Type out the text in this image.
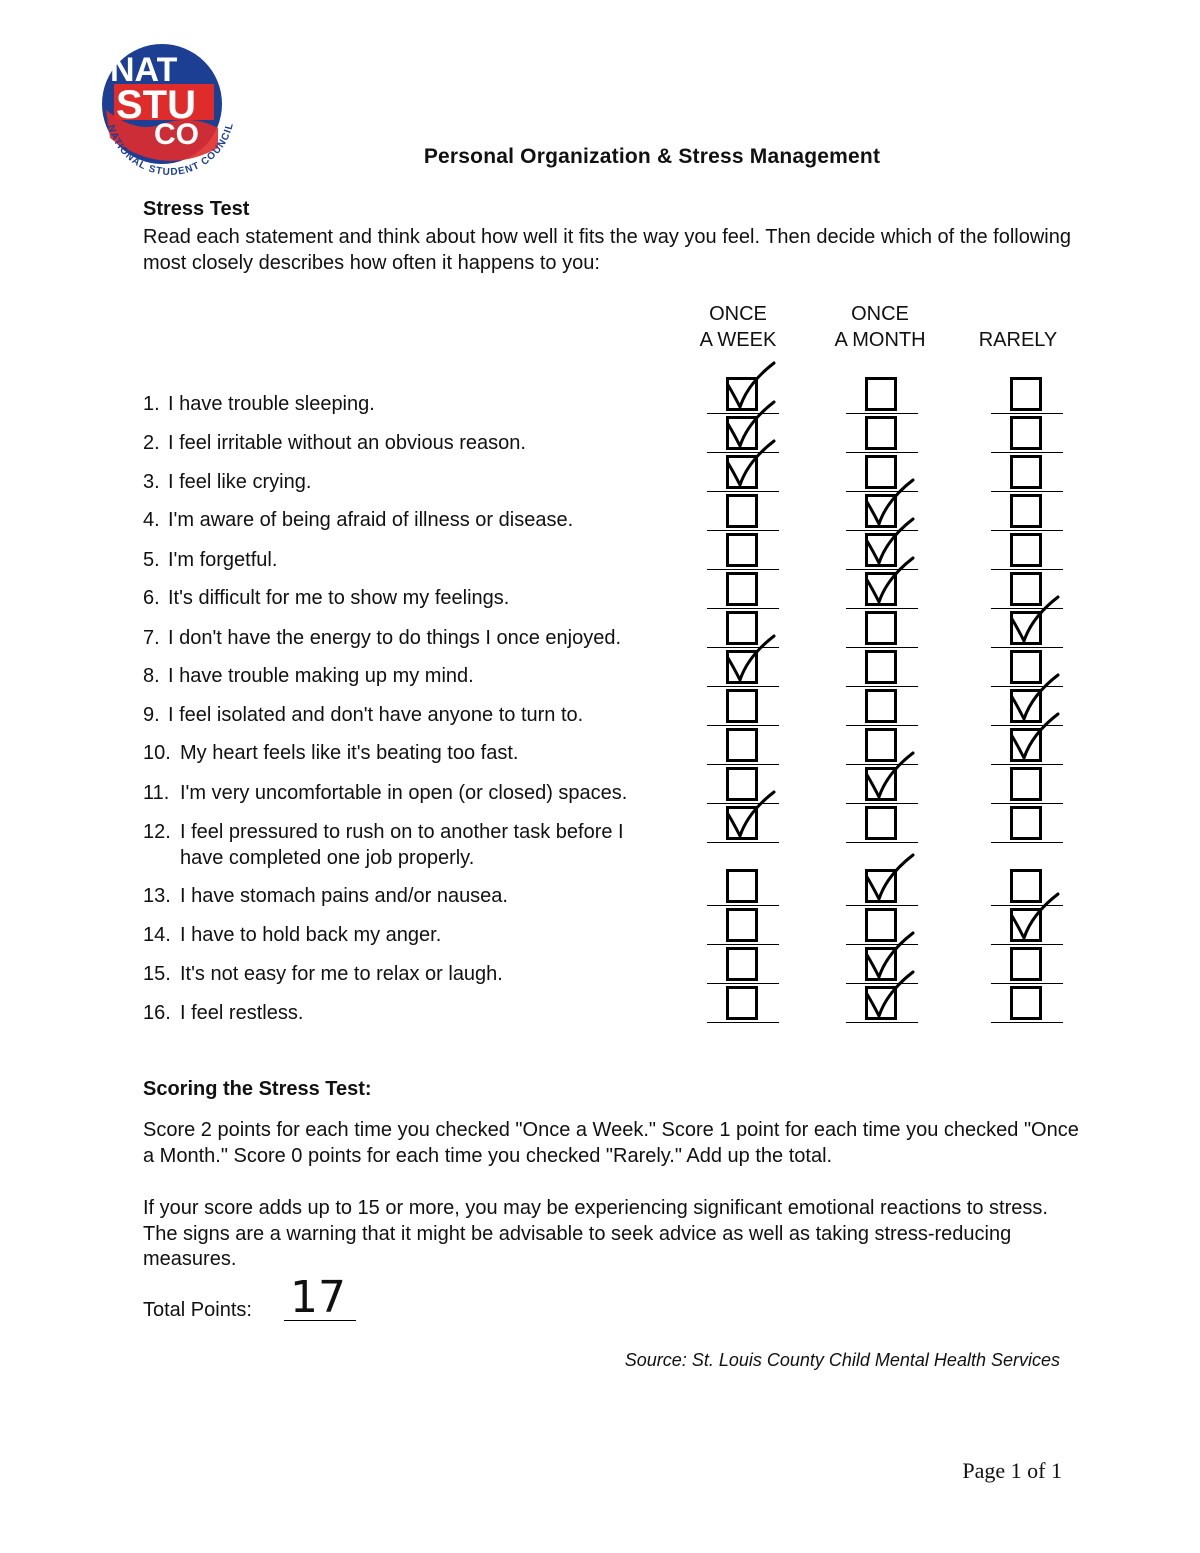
NAT
STU
CO
NATIONAL STUDENT COUNCIL
Personal Organization & Stress Management
Stress Test
Read each statement and think about how well it fits the way you feel. Then decide which of the following most closely describes how often it happens to you:
ONCE
A WEEK
ONCE
A MONTH	RARELY
1. I have trouble sleeping.
2. I feel irritable without an obvious reason.
3. I feel like crying.
4. I'm aware of being afraid of illness or disease.
5. I'm forgetful.
6. It's difficult for me to show my feelings.
7. I don't have the energy to do things I once enjoyed.
8. I have trouble making up my mind.
9. I feel isolated and don't have anyone to turn to.
10. My heart feels like it's beating too fast.
11. I'm very uncomfortable in open (or closed) spaces.
12. I feel pressured to rush on to another task before I
have completed one job properly.
13. I have stomach pains and/or nausea.
14. I have to hold back my anger.
15. It's not easy for me to relax or laugh.
16. I feel restless.
Scoring the Stress Test:
Score 2 points for each time you checked "Once a Week." Score 1 point for each time you checked "Once a Month." Score 0 points for each time you checked "Rarely." Add up the total.
If your score adds up to 15 or more, you may be experiencing significant emotional reactions to stress. The signs are a warning that it might be advisable to seek advice as well as taking stress-reducing measures.
Total Points: 17
Source: St. Louis County Child Mental Health Services
Page 1 of 1
